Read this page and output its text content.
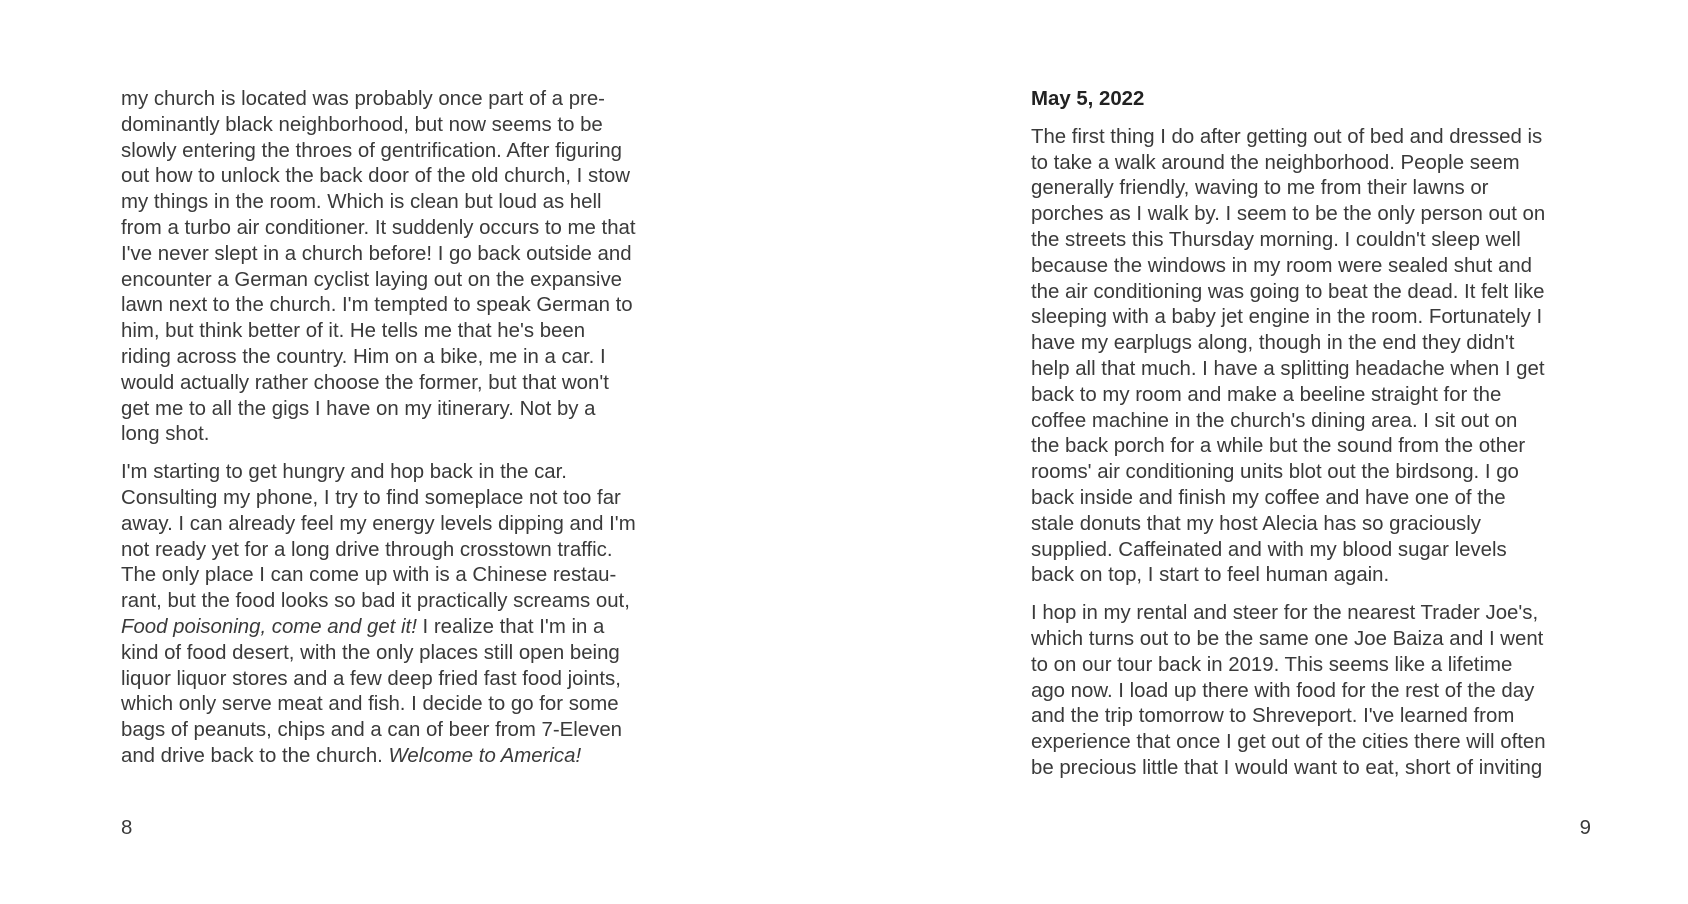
my church is located was probably once part of a pre-
dominantly black neighborhood, but now seems to be
slowly entering the throes of gentrification. After figuring
out how to unlock the back door of the old church, I stow
my things in the room. Which is clean but loud as hell
from a turbo air conditioner. It suddenly occurs to me that
I've never slept in a church before! I go back outside and
encounter a German cyclist laying out on the expansive
lawn next to the church. I'm tempted to speak German to
him, but think better of it. He tells me that he's been
riding across the country. Him on a bike, me in a car. I
would actually rather choose the former, but that won't
get me to all the gigs I have on my itinerary. Not by a
long shot.
I'm starting to get hungry and hop back in the car.
Consulting my phone, I try to find someplace not too far
away. I can already feel my energy levels dipping and I'm
not ready yet for a long drive through crosstown traffic.
The only place I can come up with is a Chinese restau-
rant, but the food looks so bad it practically screams out,
Food poisoning, come and get it! I realize that I'm in a
kind of food desert, with the only places still open being
liquor liquor stores and a few deep fried fast food joints,
which only serve meat and fish. I decide to go for some
bags of peanuts, chips and a can of beer from 7-Eleven
and drive back to the church. Welcome to America!
8
May 5, 2022
The first thing I do after getting out of bed and dressed is
to take a walk around the neighborhood. People seem
generally friendly, waving to me from their lawns or
porches as I walk by. I seem to be the only person out on
the streets this Thursday morning. I couldn't sleep well
because the windows in my room were sealed shut and
the air conditioning was going to beat the dead. It felt like
sleeping with a baby jet engine in the room. Fortunately I
have my earplugs along, though in the end they didn't
help all that much. I have a splitting headache when I get
back to my room and make a beeline straight for the
coffee machine in the church's dining area. I sit out on
the back porch for a while but the sound from the other
rooms' air conditioning units blot out the birdsong. I go
back inside and finish my coffee and have one of the
stale donuts that my host Alecia has so graciously
supplied. Caffeinated and with my blood sugar levels
back on top, I start to feel human again.
I hop in my rental and steer for the nearest Trader Joe's,
which turns out to be the same one Joe Baiza and I went
to on our tour back in 2019. This seems like a lifetime
ago now. I load up there with food for the rest of the day
and the trip tomorrow to Shreveport. I've learned from
experience that once I get out of the cities there will often
be precious little that I would want to eat, short of inviting
9
